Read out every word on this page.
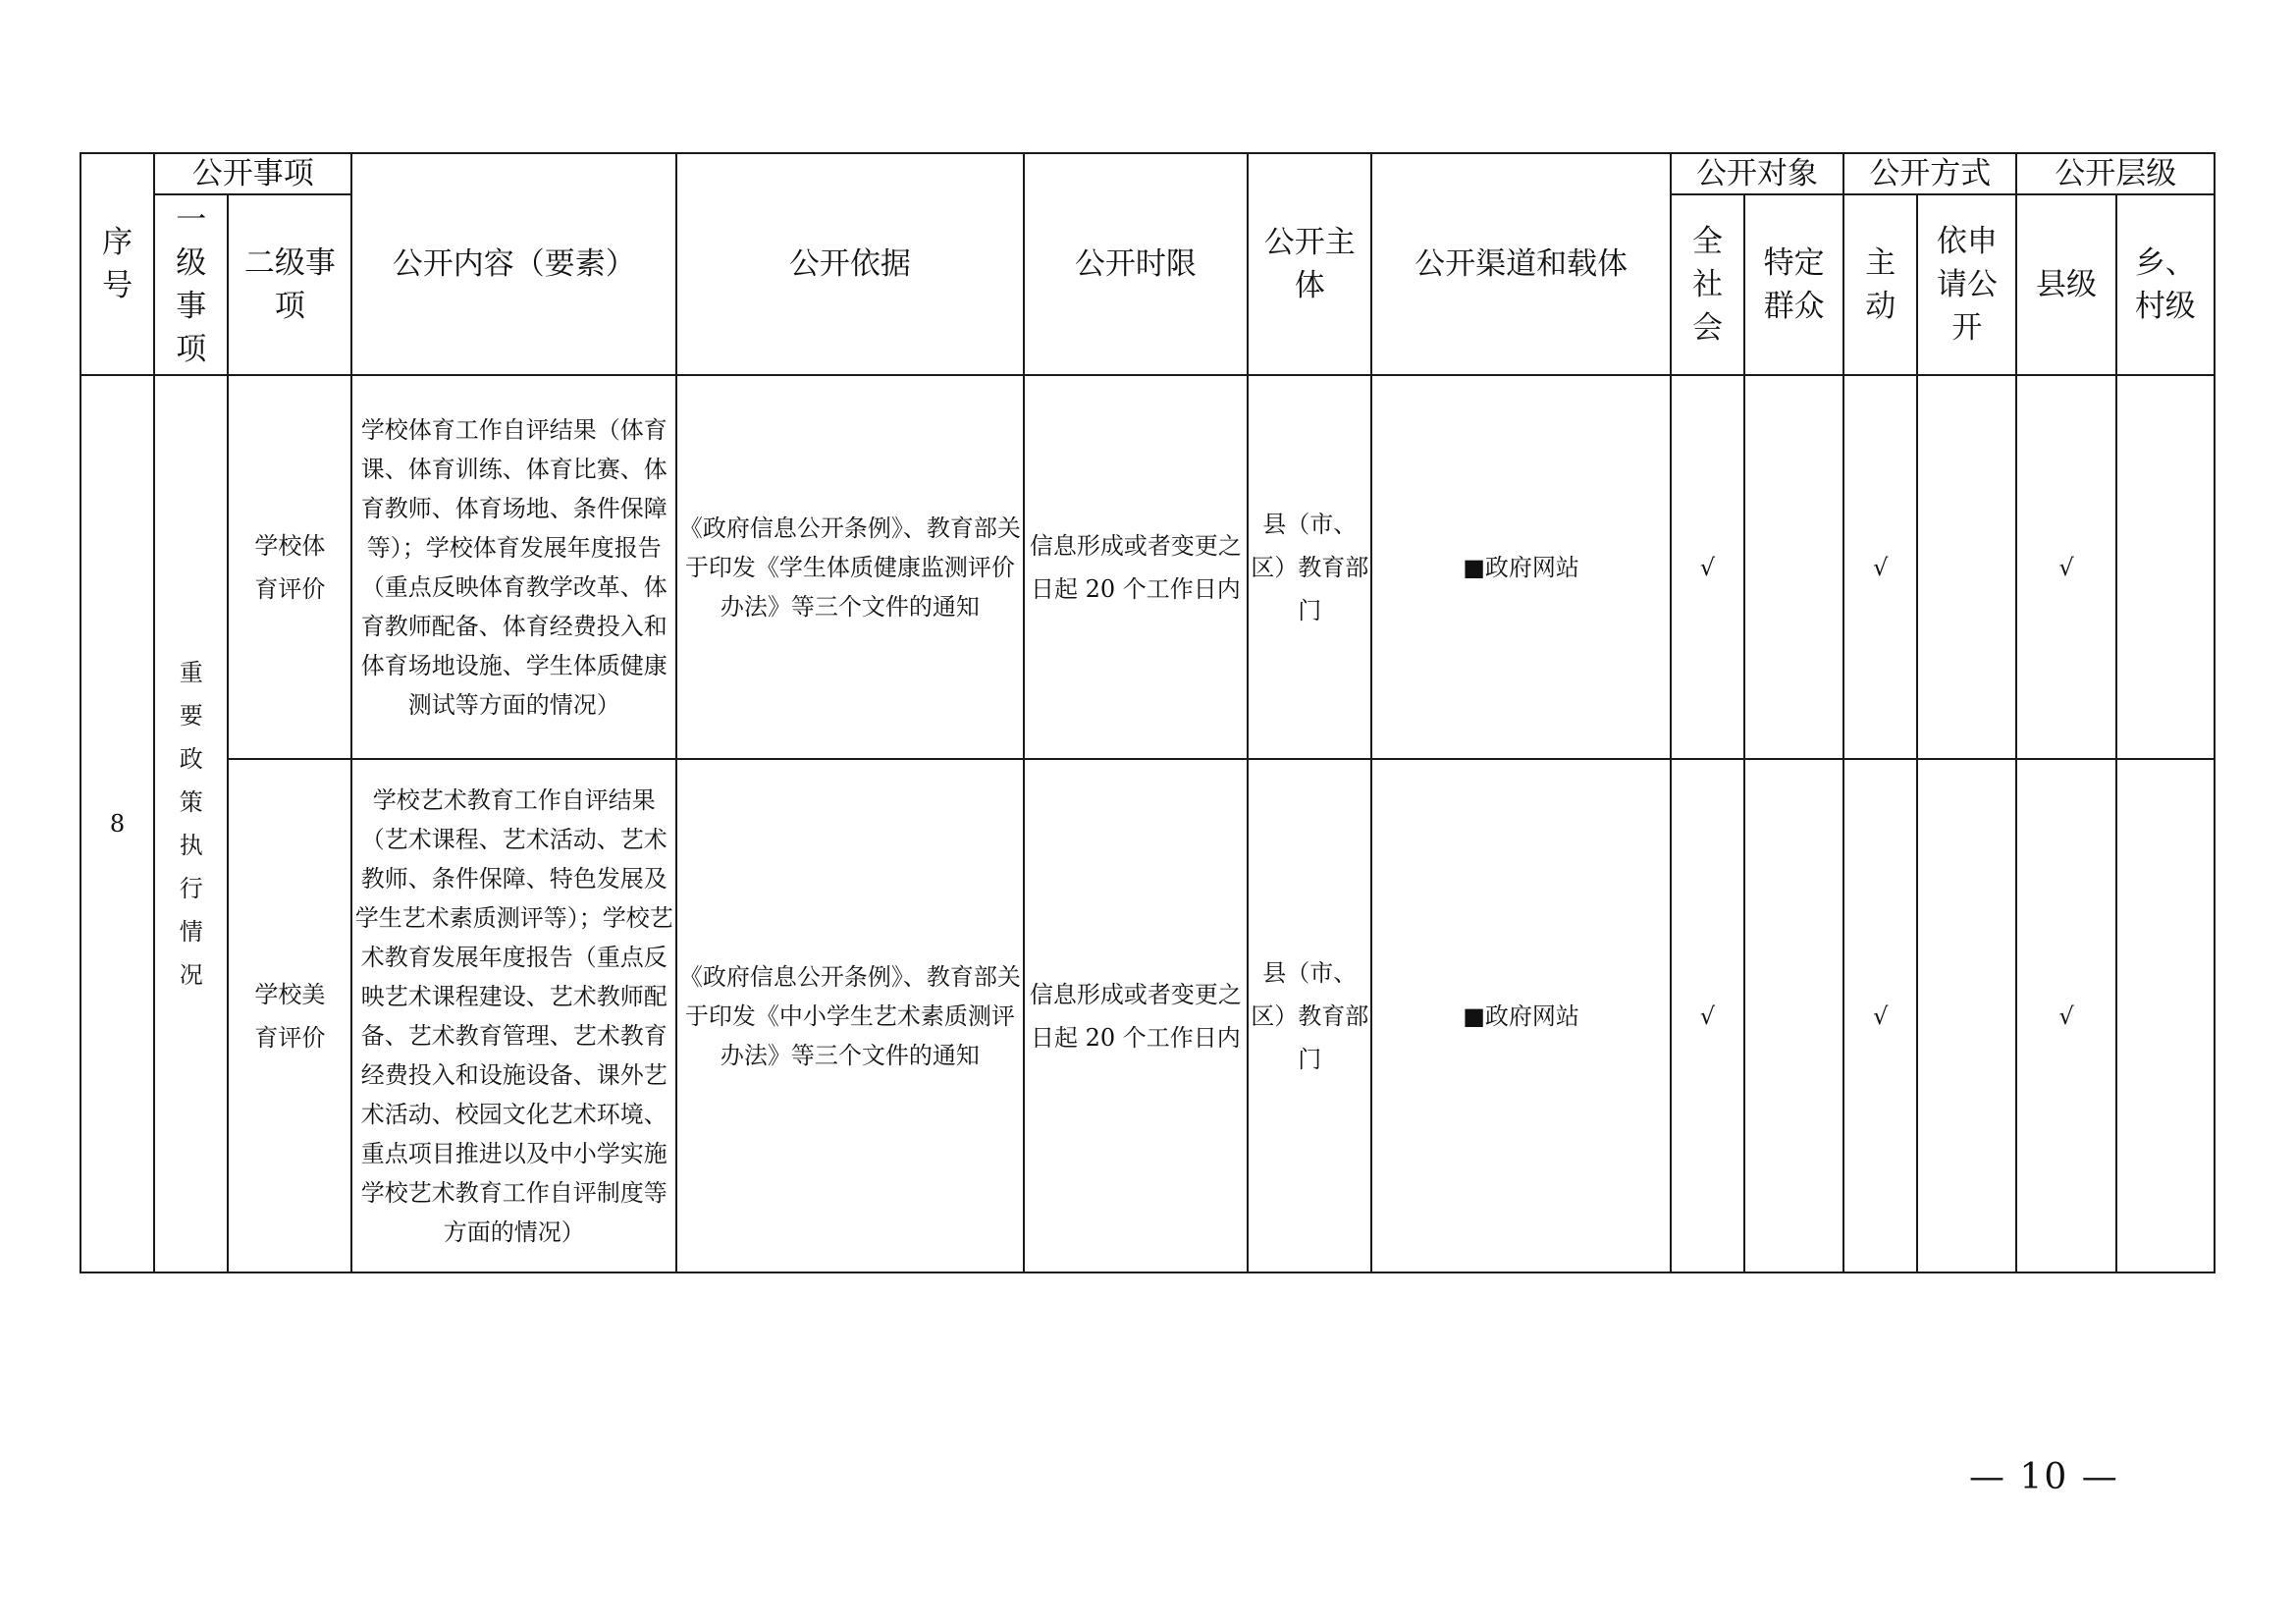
序号	公开事项		公开内容（要素）	公开依据	公开时限	公开主体	公开渠道和载体	公开对象		公开方式		公开层级	
	一级事项	二级事项						全社会	特定群众	主动	依申请公开	县级	乡、村级
8	重要政策执行情况	学校体育评价	学校体育工作自评结果（体育课、体育训练、体育比赛、体育教师、体育场地、条件保障等）；学校体育发展年度报告（重点反映体育教学改革、体育教师配备、体育经费投入和体育场地设施、学生体质健康测试等方面的情况）	《政府信息公开条例》、教育部关于印发《学生体质健康监测评价办法》等三个文件的通知	信息形成或者变更之日起 20 个工作日内	县（市、区）教育部门	■政府网站	√		√		√	
		学校美育评价	学校艺术教育工作自评结果（艺术课程、艺术活动、艺术教师、条件保障、特色发展及学生艺术素质测评等）；学校艺术教育发展年度报告（重点反映艺术课程建设、艺术教师配备、艺术教育管理、艺术教育经费投入和设施设备、课外艺术活动、校园文化艺术环境、重点项目推进以及中小学实施学校艺术教育工作自评制度等方面的情况）	《政府信息公开条例》、教育部关于印发《中小学生艺术素质测评办法》等三个文件的通知	信息形成或者变更之日起 20 个工作日内	县（市、区）教育部门	■政府网站	√		√		√	
— 10 —
